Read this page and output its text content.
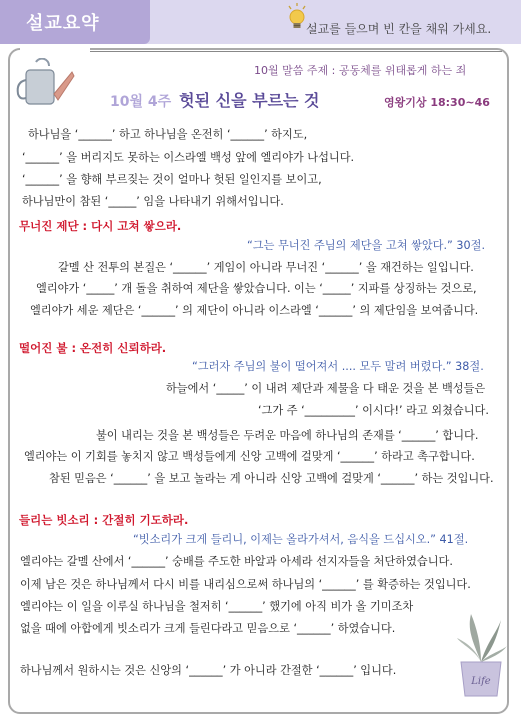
설교요약	설교를 들으며 빈 칸을 채워 가세요.
10월 말씀 주제 : 공동체를 위태롭게 하는 죄
10월 4주 헛된 신을 부르는 것	영왕기상 18:30~46
하나님을 ‘______’ 하고 하나님을 온전히 ‘______’ 하지도,
‘______’ 을 버리지도 못하는 이스라엘 백성 앞에 엘리야가 나섭니다.
‘______’ 을 향해 부르짖는 것이 얼마나 헛된 일인지를 보이고,
하나님만이 참된 ‘_____’ 임을 나타내기 위해서입니다.
무너진 제단 : 다시 고쳐 쌓으라.
“그는 무너진 주님의 제단을 고쳐 쌓았다.” 30절.
갈멜 산 전투의 본질은 ‘______’ 게임이 아니라 무너진 ‘______’ 을 재건하는 일입니다.
엘리야가 ‘_____’ 개 돌을 취하여 제단을 쌓았습니다. 이는 ‘_____’ 지파를 상징하는 것으로,
엘리야가 세운 제단은 ‘______’ 의 제단이 아니라 이스라엘 ‘______’ 의 제단임을 보여줍니다.
떨어진 불 : 온전히 신뢰하라.
“그러자 주님의 불이 떨어져서 .... 모두 말려 버렸다.” 38절.
하늘에서 ‘_____’ 이 내려 제단과 제물을 다 태운 것을 본 백성들은
‘그가 주 ‘_________’ 이시다!’ 라고 외쳤습니다.
불이 내리는 것을 본 백성들은 두려운 마음에 하나님의 존재를 ‘______’ 합니다.
엘리야는 이 기회를 놓치지 않고 백성들에게 신앙 고백에 걸맞게 ‘______’ 하라고 촉구합니다.
참된 믿음은 ‘______’ 을 보고 놀라는 게 아니라 신앙 고백에 걸맞게 ‘______’ 하는 것입니다.
들리는 빗소리 : 간절히 기도하라.
“빗소리가 크게 들리니, 이제는 올라가셔서, 음식을 드십시오.” 41절.
엘리야는 갈멜 산에서 ‘______’ 숭배를 주도한 바알과 아세라 선지자들을 처단하였습니다.
이제 남은 것은 하나님께서 다시 비를 내리심으로써 하나님의 ‘______’ 를 확증하는 것입니다.
엘리야는 이 일을 이루실 하나님을 철저히 ‘______’ 했기에 아직 비가 올 기미조차
없을 때에 아합에게 빗소리가 크게 들린다라고 믿음으로 ‘______’ 하였습니다.
하나님께서 원하시는 것은 신앙의 ‘______’ 가 아니라 간절한 ‘______’ 입니다.
Life
